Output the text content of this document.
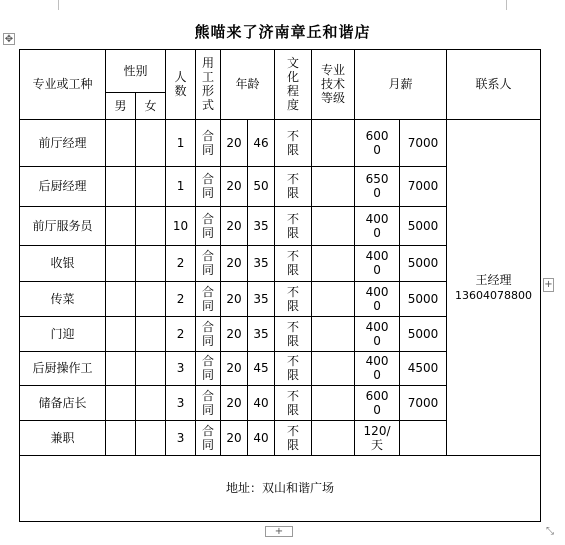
✥	熊喵来了济南章丘和谐店
专业或工种	性别		人数	用工形式	年龄		文化程度	专业技术等级	月薪		联系人
	男	女									
前厅经理			1	合同	20	46	不限		6000	7000	王经理
13604078800

后厨经理			1	合同	20	50	不限		6500	7000	
前厅服务员			10	合同	20	35	不限		4000	5000	
收银			2	合同	20	35	不限		4000	5000	
传菜			2	合同	20	35	不限		4000	5000	
门迎			2	合同	20	35	不限		4000	5000	
后厨操作工			3	合同	20	45	不限		4000	4500	
储备店长			3	合同	20	40	不限		6000	7000	
兼职			3	合同	20	40	不限		120/天		
地址：双山和谐广场											
+
+	⤡
